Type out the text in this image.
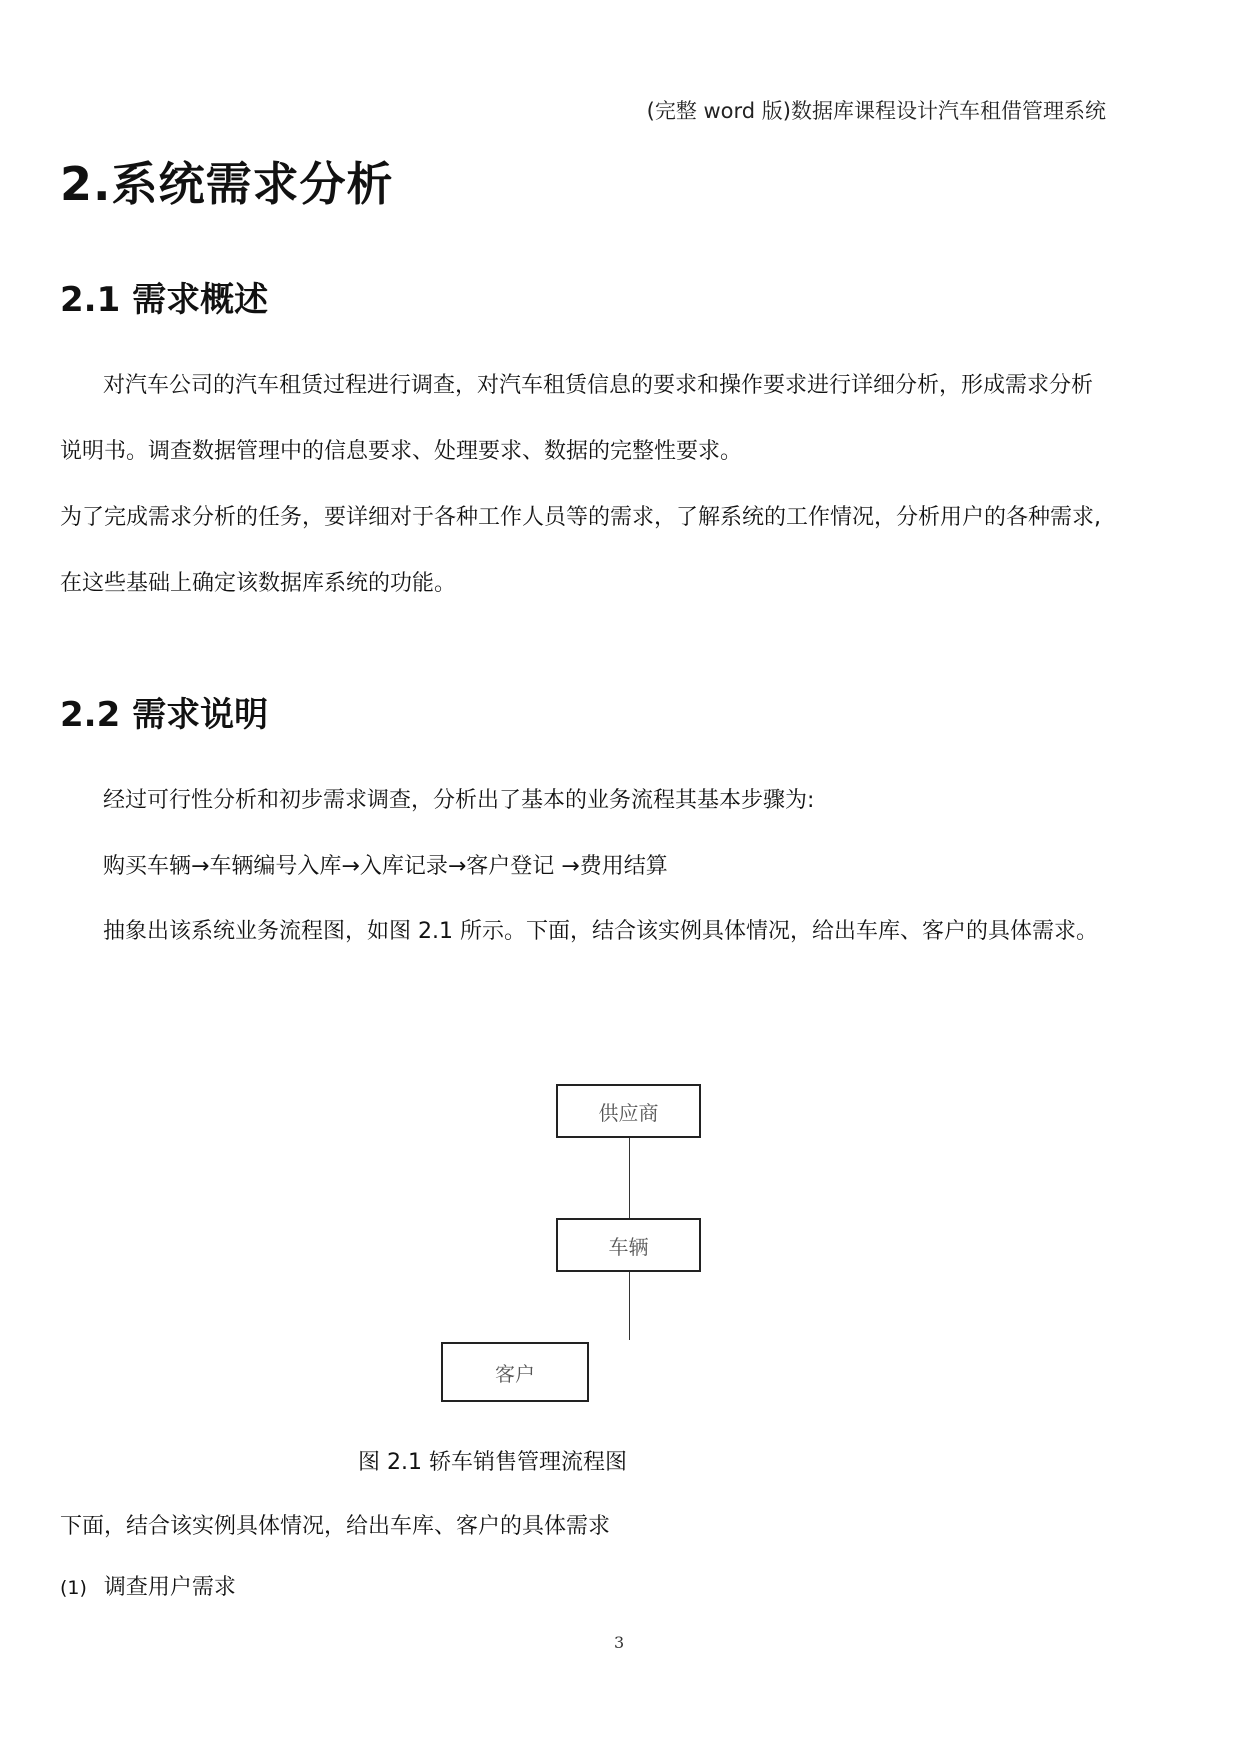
(完整 word 版)数据库课程设计汽车租借管理系统
2.系统需求分析
2.1 需求概述
对汽车公司的汽车租赁过程进行调查，对汽车租赁信息的要求和操作要求进行详细分析，形成需求分析
说明书。调查数据管理中的信息要求、处理要求、数据的完整性要求。
为了完成需求分析的任务，要详细对于各种工作人员等的需求，了解系统的工作情况，分析用户的各种需求,
在这些基础上确定该数据库系统的功能。
2.2 需求说明
经过可行性分析和初步需求调查，分析出了基本的业务流程其基本步骤为:
购买车辆→车辆编号入库→入库记录→客户登记 →费用结算
抽象出该系统业务流程图，如图 2.1 所示。下面，结合该实例具体情况，给出车库、客户的具体需求。
供应商
车辆
客户
图 2.1 轿车销售管理流程图
下面，结合该实例具体情况，给出车库、客户的具体需求
(1) 调查用户需求
3
